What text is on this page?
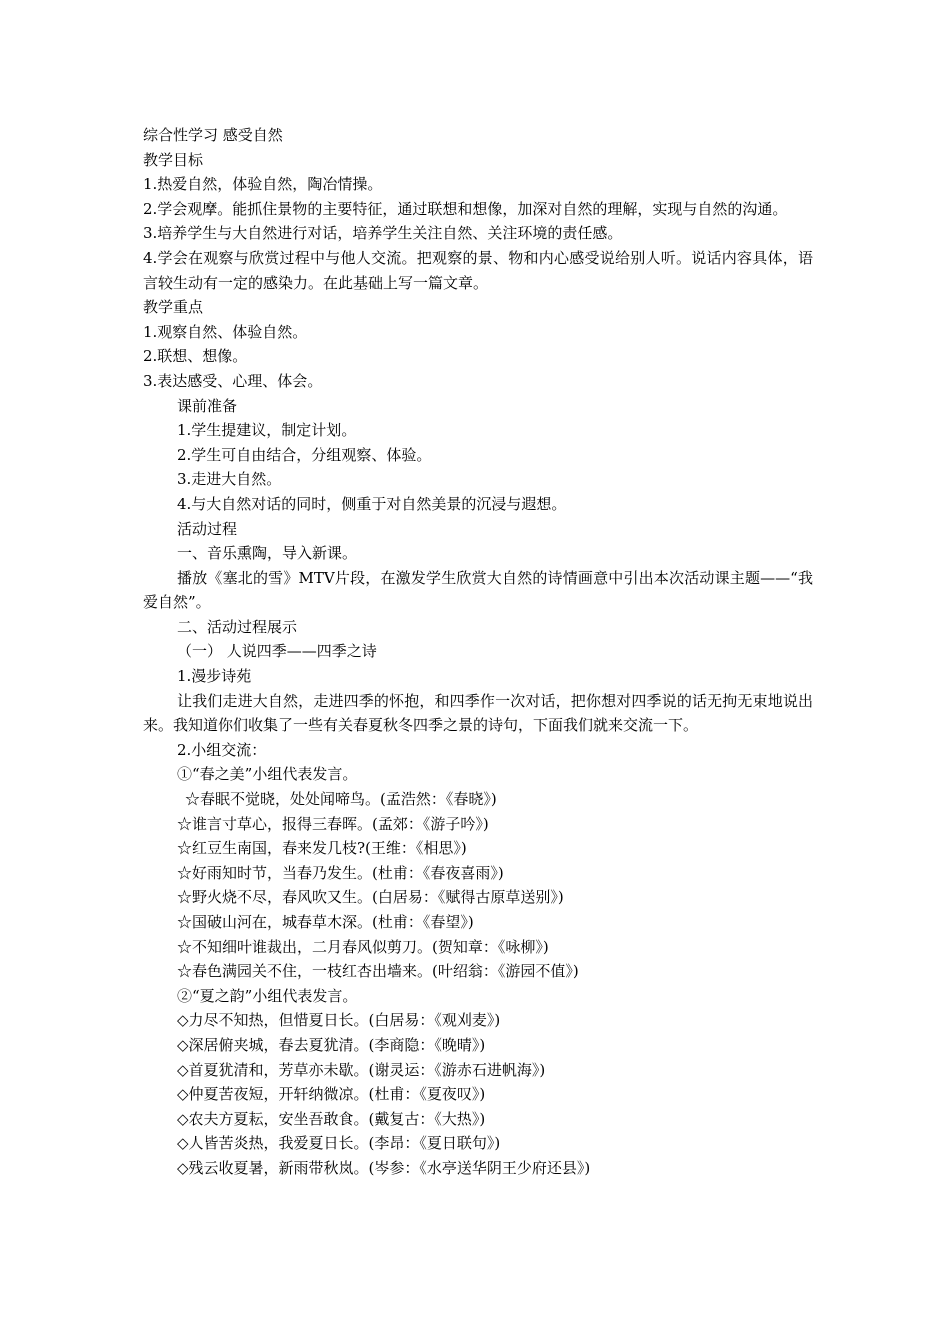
综合性学习 感受自然
教学目标
1.热爱自然，体验自然，陶冶情操。
2.学会观摩。能抓住景物的主要特征，通过联想和想像，加深对自然的理解，实现与自然的沟通。
3.培养学生与大自然进行对话，培养学生关注自然、关注环境的责任感。
4.学会在观察与欣赏过程中与他人交流。把观察的景、物和内心感受说给别人听。说话内容具体，语言较生动有一定的感染力。在此基础上写一篇文章。
教学重点
1.观察自然、体验自然。
2.联想、想像。
3.表达感受、心理、体会。
课前准备
1.学生提建议，制定计划。
2.学生可自由结合，分组观察、体验。
3.走进大自然。
4.与大自然对话的同时，侧重于对自然美景的沉浸与遐想。
活动过程
一、音乐熏陶，导入新课。
播放《塞北的雪》MTV片段，在激发学生欣赏大自然的诗情画意中引出本次活动课主题——“我爱自然”。
二、活动过程展示
（一） 人说四季——四季之诗
1.漫步诗苑
让我们走进大自然，走进四季的怀抱，和四季作一次对话，把你想对四季说的话无拘无束地说出来。我知道你们收集了一些有关春夏秋冬四季之景的诗句，下面我们就来交流一下。
2.小组交流：
①“春之美”小组代表发言。
☆春眠不觉晓，处处闻啼鸟。(孟浩然：《春晓》)
☆谁言寸草心，报得三春晖。(孟郊：《游子吟》)
☆红豆生南国，春来发几枝?(王维：《相思》)
☆好雨知时节，当春乃发生。(杜甫：《春夜喜雨》)
☆野火烧不尽，春风吹又生。(白居易：《赋得古原草送别》)
☆国破山河在，城春草木深。(杜甫：《春望》)
☆不知细叶谁裁出，二月春风似剪刀。(贺知章：《咏柳》)
☆春色满园关不住，一枝红杏出墙来。(叶绍翁：《游园不值》)
②“夏之韵”小组代表发言。
◇力尽不知热，但惜夏日长。(白居易：《观刈麦》)
◇深居俯夹城，春去夏犹清。(李商隐：《晚晴》)
◇首夏犹清和，芳草亦未歇。(谢灵运：《游赤石进帆海》)
◇仲夏苦夜短，开轩纳微凉。(杜甫：《夏夜叹》)
◇农夫方夏耘，安坐吾敢食。(戴复古：《大热》)
◇人皆苦炎热，我爱夏日长。(李昂：《夏日联句》)
◇残云收夏暑，新雨带秋岚。(岑参：《水亭送华阴王少府还县》)
